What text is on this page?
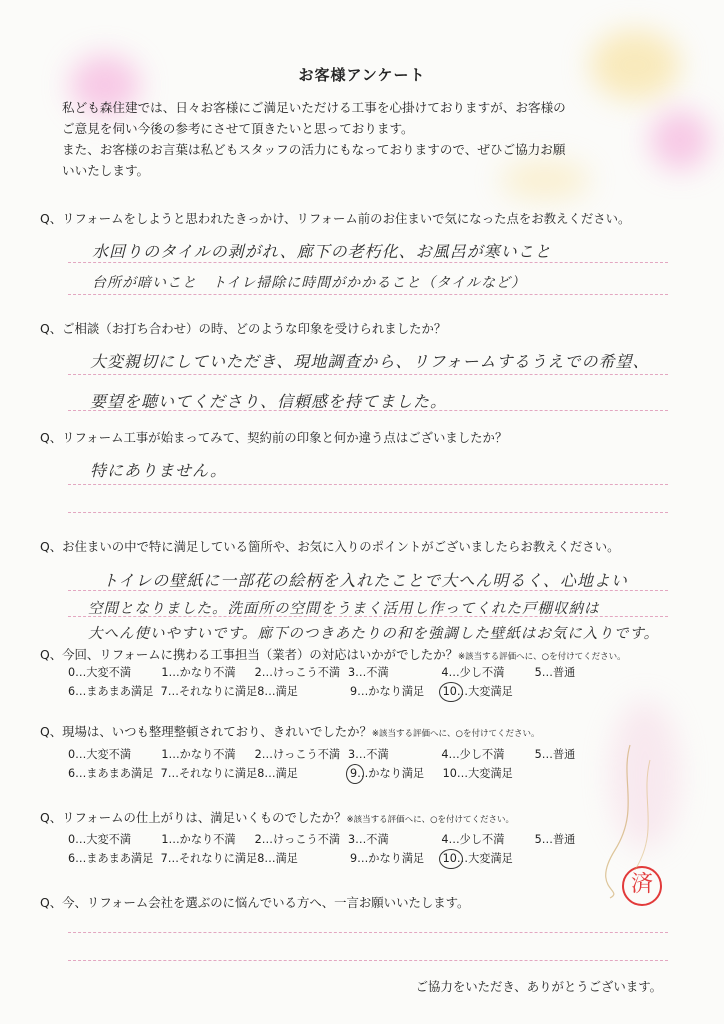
お客様アンケート
私ども森住建では、日々お客様にご満足いただける工事を心掛けておりますが、お客様の
ご意見を伺い今後の参考にさせて頂きたいと思っております。
また、お客様のお言葉は私どもスタッフの活力にもなっておりますので、ぜひご協力お願
いいたします。
Q、リフォームをしようと思われたきっかけ、リフォーム前のお住まいで気になった点をお教えください。
水回りのタイルの剥がれ、廊下の老朽化、お風呂が寒いこと
台所が暗いこと　トイレ掃除に時間がかかること（タイルなど）
Q、ご相談（お打ち合わせ）の時、どのような印象を受けられましたか？
大変親切にしていただき、現地調査から、リフォームするうえでの希望、
要望を聴いてくださり、信頼感を持てました。
Q、リフォーム工事が始まってみて、契約前の印象と何か違う点はございましたか？
特にありません。
Q、お住まいの中で特に満足している箇所や、お気に入りのポイントがございましたらお教えください。
トイレの壁紙に一部花の絵柄を入れたことで大へん明るく、心地よい
空間となりました。洗面所の空間をうまく活用し作ってくれた戸棚収納は
大へん使いやすいです。廊下のつきあたりの和を強調した壁紙はお気に入りです。
Q、今回、リフォームに携わる工事担当（業者）の対応はいかがでしたか？※該当する評価へに、○を付けてください。
0…大変不満	1…かなり不満	2…けっこう不満 3…不満	4…少し不満	5…普通
6…まあまあ満足 7…それなりに満足 8…満足	9…かなり満足	10…大変満足
Q、現場は、いつも整理整頓されており、きれいでしたか？※該当する評価へに、○を付けてください。
0…大変不満	1…かなり不満	2…けっこう不満 3…不満	4…少し不満	5…普通
6…まあまあ満足 7…それなりに満足 8…満足	9…かなり満足	10…大変満足
Q、リフォームの仕上がりは、満足いくものでしたか？※該当する評価へに、○を付けてください。
0…大変不満	1…かなり不満	2…けっこう不満 3…不満	4…少し不満	5…普通
6…まあまあ満足 7…それなりに満足 8…満足	9…かなり満足	10…大変満足
Q、今、リフォーム会社を選ぶのに悩んでいる方へ、一言お願いいたします。
ご協力をいただき、ありがとうございます。
済
